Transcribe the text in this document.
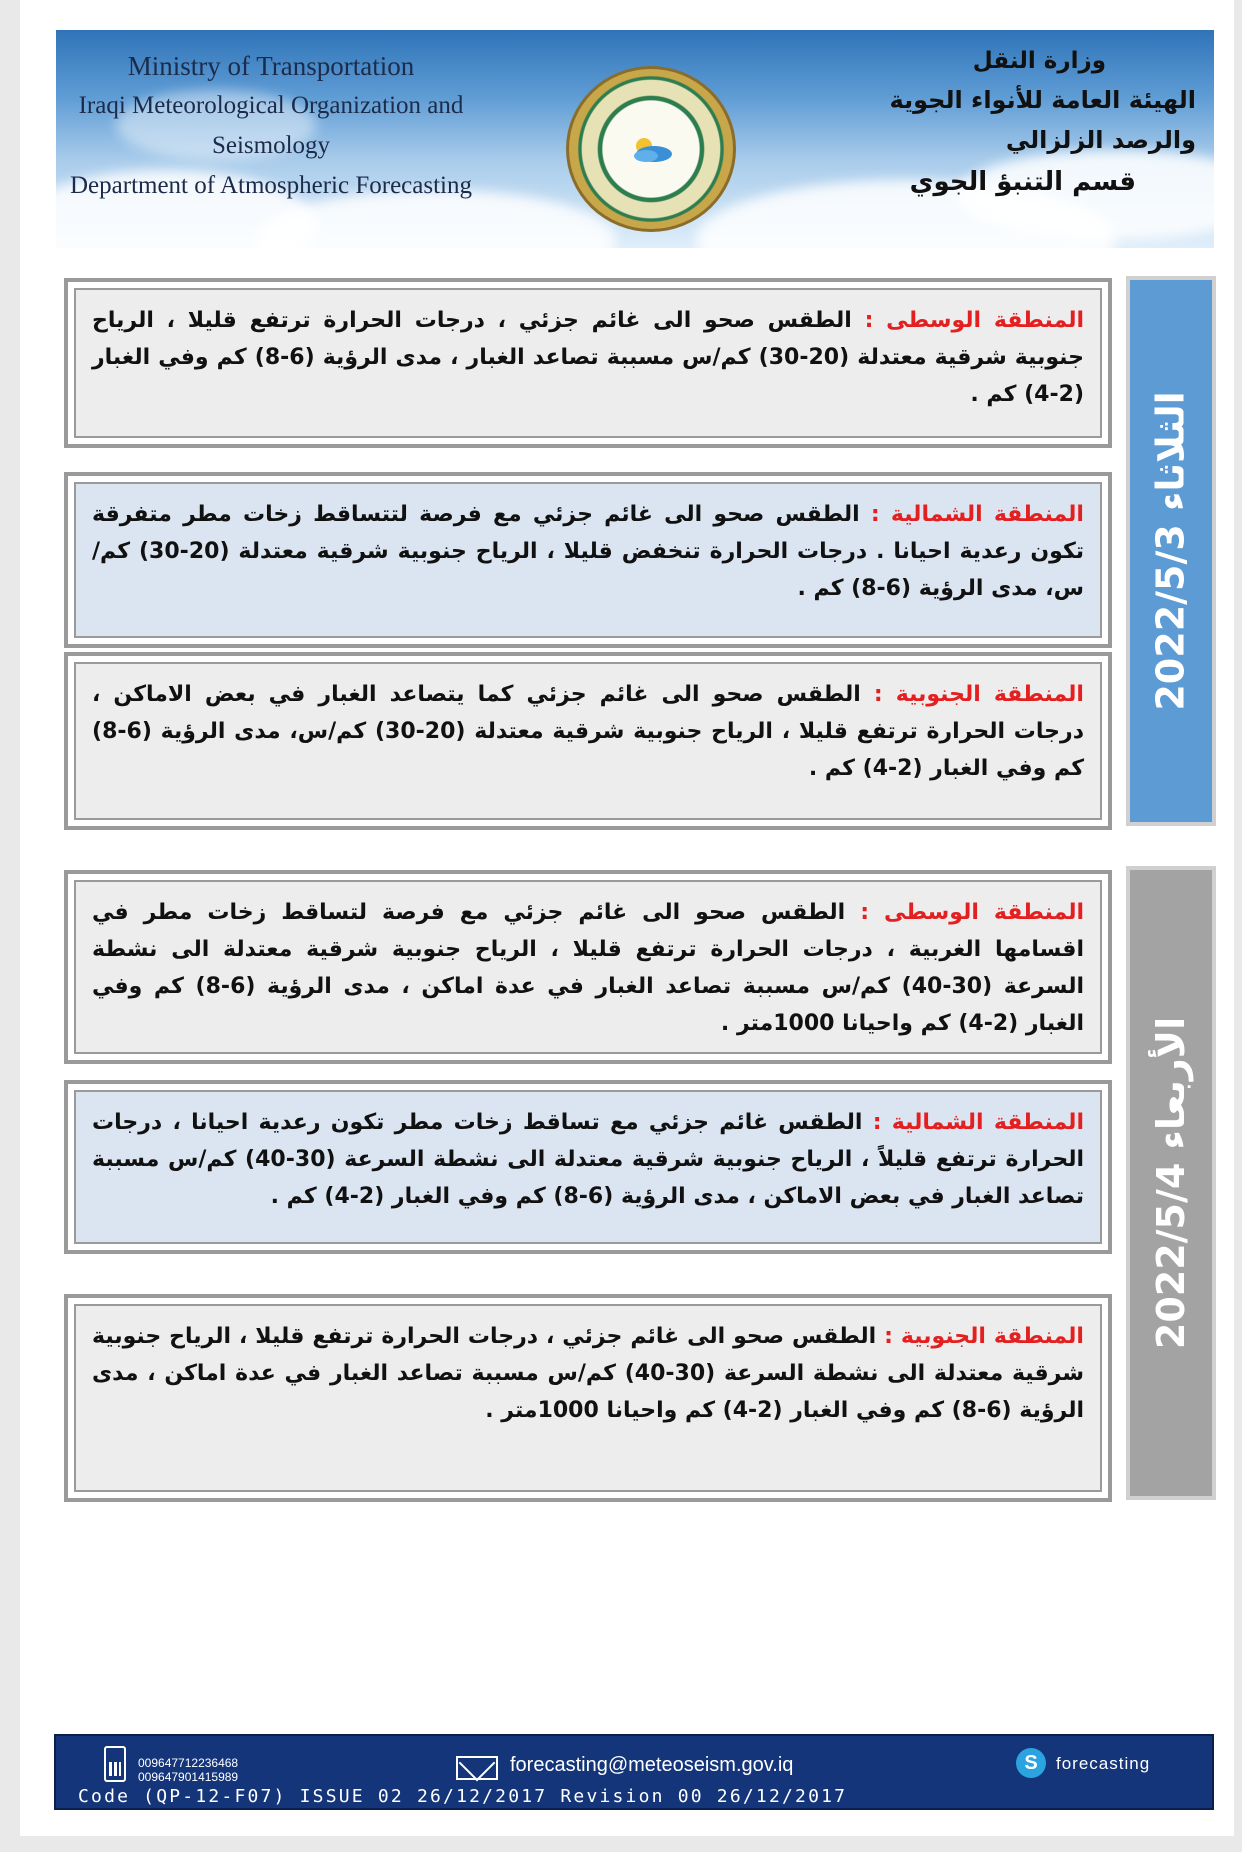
Ministry of Transportation
Iraqi Meteorological Organization and Seismology
Department of Atmospheric Forecasting
وزارة النقل
الهيئة العامة للأنواء الجوية والرصد الزلزالي
قسم التنبؤ الجوي
الثلاثاء 2022/5/3
المنطقة الوسطى : الطقس صحو الى غائم جزئي ، درجات الحرارة ترتفع قليلا ، الرياح جنوبية شرقية معتدلة (20-30) كم/س مسببة تصاعد الغبار ، مدى الرؤية (6-8) كم وفي الغبار (2-4) كم .
المنطقة الشمالية : الطقس صحو الى غائم جزئي مع فرصة لتتساقط زخات مطر متفرقة تكون رعدية احيانا . درجات الحرارة تنخفض قليلا ، الرياح جنوبية شرقية معتدلة (20-30) كم/س، مدى الرؤية (6-8) كم .
المنطقة الجنوبية : الطقس صحو الى غائم جزئي كما يتصاعد الغبار في بعض الاماكن ، درجات الحرارة ترتفع قليلا ، الرياح جنوبية شرقية معتدلة (20-30) كم/س، مدى الرؤية (6-8) كم وفي الغبار (2-4) كم .
الأربعاء 2022/5/4
المنطقة الوسطى : الطقس صحو الى غائم جزئي مع فرصة لتساقط زخات مطر في اقسامها الغربية ، درجات الحرارة ترتفع قليلا ، الرياح جنوبية شرقية معتدلة الى نشطة السرعة (30-40) كم/س مسببة تصاعد الغبار في عدة اماكن ، مدى الرؤية (6-8) كم وفي الغبار (2-4) كم واحيانا 1000متر .
المنطقة الشمالية : الطقس غائم جزئي مع تساقط زخات مطر تكون رعدية احيانا ، درجات الحرارة ترتفع قليلاً ، الرياح جنوبية شرقية معتدلة الى نشطة السرعة (30-40) كم/س مسببة تصاعد الغبار في بعض الاماكن ، مدى الرؤية (6-8) كم وفي الغبار (2-4) كم .
المنطقة الجنوبية : الطقس صحو الى غائم جزئي ، درجات الحرارة ترتفع قليلا ، الرياح جنوبية شرقية معتدلة الى نشطة السرعة (30-40) كم/س مسببة تصاعد الغبار في عدة اماكن ، مدى الرؤية (6-8) كم وفي الغبار (2-4) كم واحيانا 1000متر .
009647712236468
009647901415989
forecasting@meteoseism.gov.iq	S	forecasting
Code (QP-12-F07) ISSUE 02 26/12/2017 Revision 00 26/12/2017
